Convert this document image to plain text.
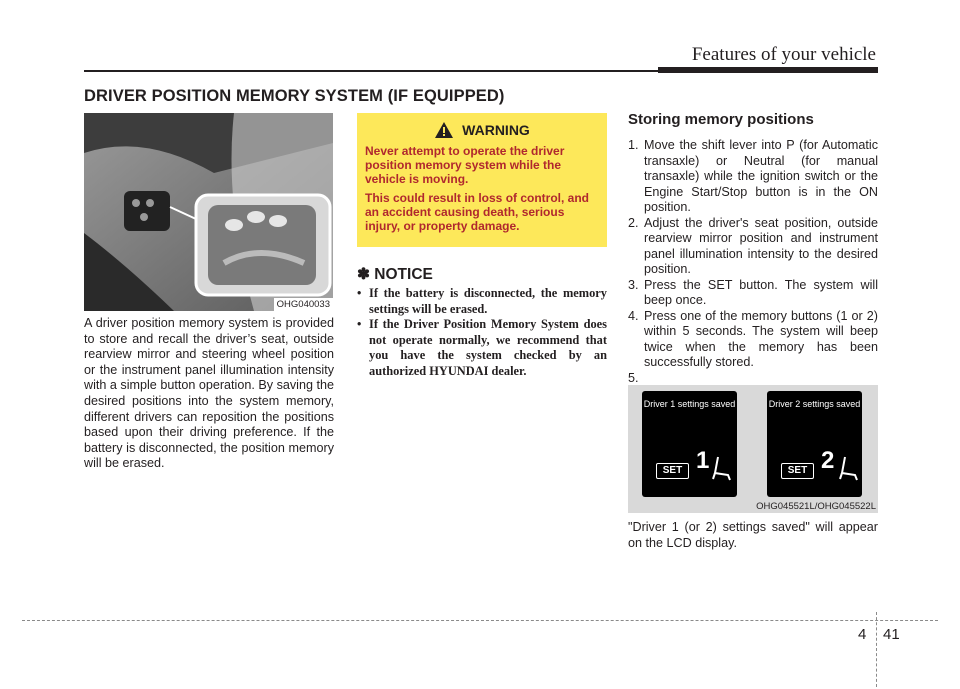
Features of your vehicle
DRIVER POSITION MEMORY SYSTEM (IF EQUIPPED)
OHG040033
A driver position memory system is provided to store and recall the driver’s seat, outside rearview mirror and steering wheel position or the instrument panel illumination intensity with a simple button operation. By saving the desired positions into the system memory, different drivers can reposition the positions based upon their driving preference. If the battery is disconnected, the position memory will be erased.
WARNING

Never attempt to operate the driver position memory system while the vehicle is moving.

This could result in loss of control, and an accident causing death, serious injury, or property damage.

✽ NOTICE
• If the battery is disconnected, the memory settings will be erased.
• If the Driver Position Memory System does not operate normally, we recommend that you have the system checked by an authorized HYUNDAI dealer.
Storing memory positions
1. Move the shift lever into P (for Automatic transaxle) or Neutral (for manual transaxle) while the ignition switch or the Engine Start/Stop button is in the ON position.
2. Adjust the driver's seat position, outside rearview mirror position and instrument panel illumination intensity to the desired position.
3. Press the SET button. The system will beep once.
4. Press one of the memory buttons (1 or 2) within 5 seconds. The system will beep twice when the memory has been successfully stored.
5.
Driver 1 settings saved
SET 1
Driver 2 settings saved
SET 2
OHG045521L/OHG045522L
"Driver 1 (or 2) settings saved" will appear on the LCD display.
4 41
